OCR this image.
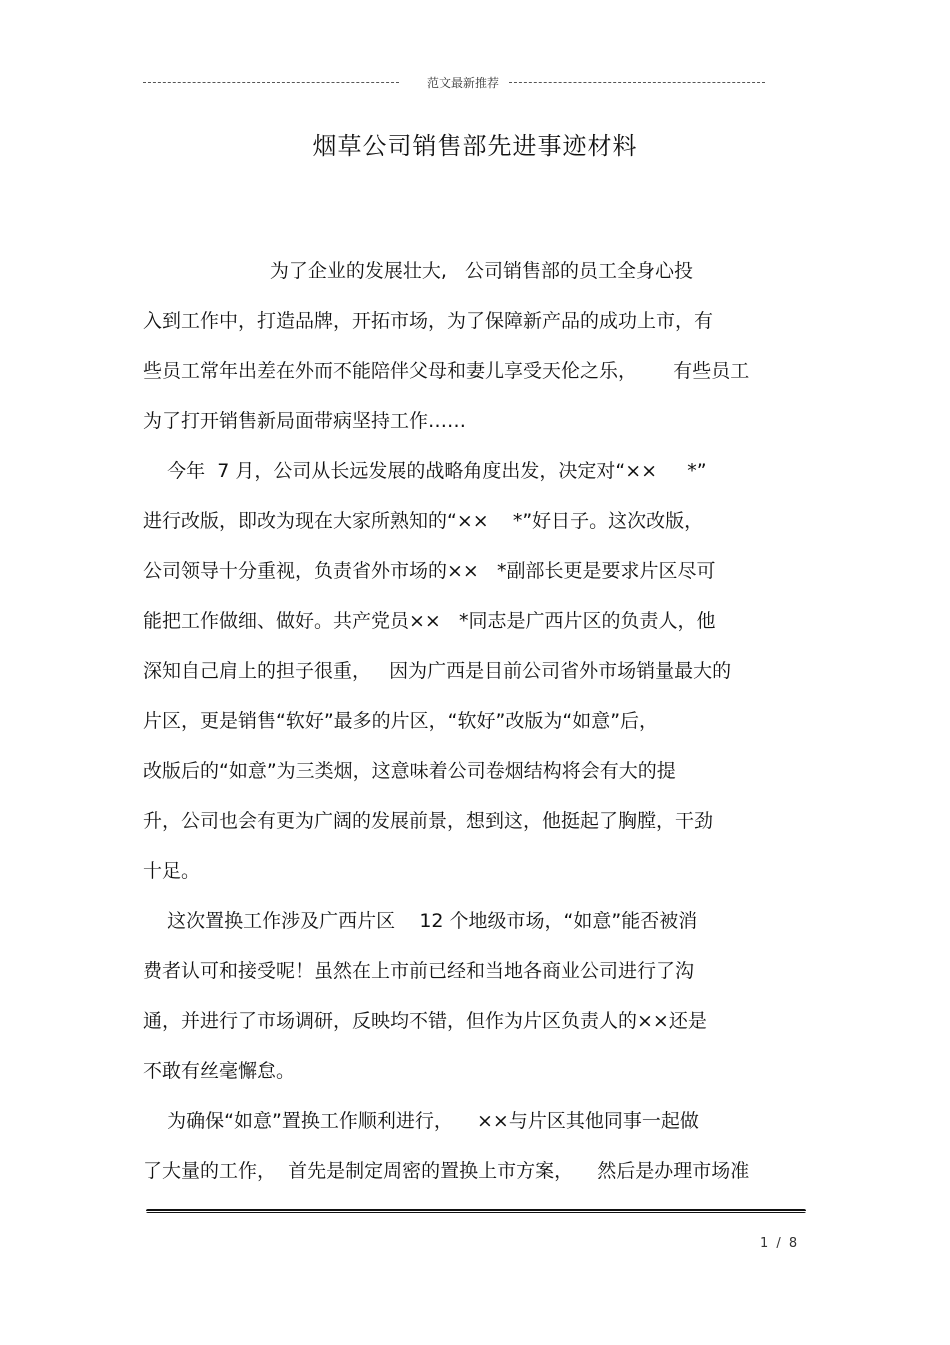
范文最新推荐
烟草公司销售部先进事迹材料
为了企业的发展壮大,   公司销售部的员工全身心投
入到工作中，打造品牌，开拓市场，为了保障新产品的成功上市，有
些员工常年出差在外而不能陪伴父母和妻儿享受天伦之乐，      有些员工
为了打开销售新局面带病坚持工作……
今年  7 月，公司从长远发展的战略角度出发，决定对“××     *”
进行改版，即改为现在大家所熟知的“××    *”好日子。这次改版，
公司领导十分重视，负责省外市场的××   *副部长更是要求片区尽可
能把工作做细、做好。共产党员××   *同志是广西片区的负责人，他
深知自己肩上的担子很重，   因为广西是目前公司省外市场销量最大的
片区，更是销售“软好”最多的片区，“软好”改版为“如意”后，
改版后的“如意”为三类烟，这意味着公司卷烟结构将会有大的提
升，公司也会有更为广阔的发展前景，想到这，他挺起了胸膛，干劲
十足。
这次置换工作涉及广西片区    12 个地级市场，“如意”能否被消
费者认可和接受呢！虽然在上市前已经和当地各商业公司进行了沟
通，并进行了市场调研，反映均不错，但作为片区负责人的××还是
不敢有丝毫懈怠。
为确保“如意”置换工作顺利进行，    ××与片区其他同事一起做
了大量的工作，  首先是制定周密的置换上市方案，    然后是办理市场准
1 / 8
